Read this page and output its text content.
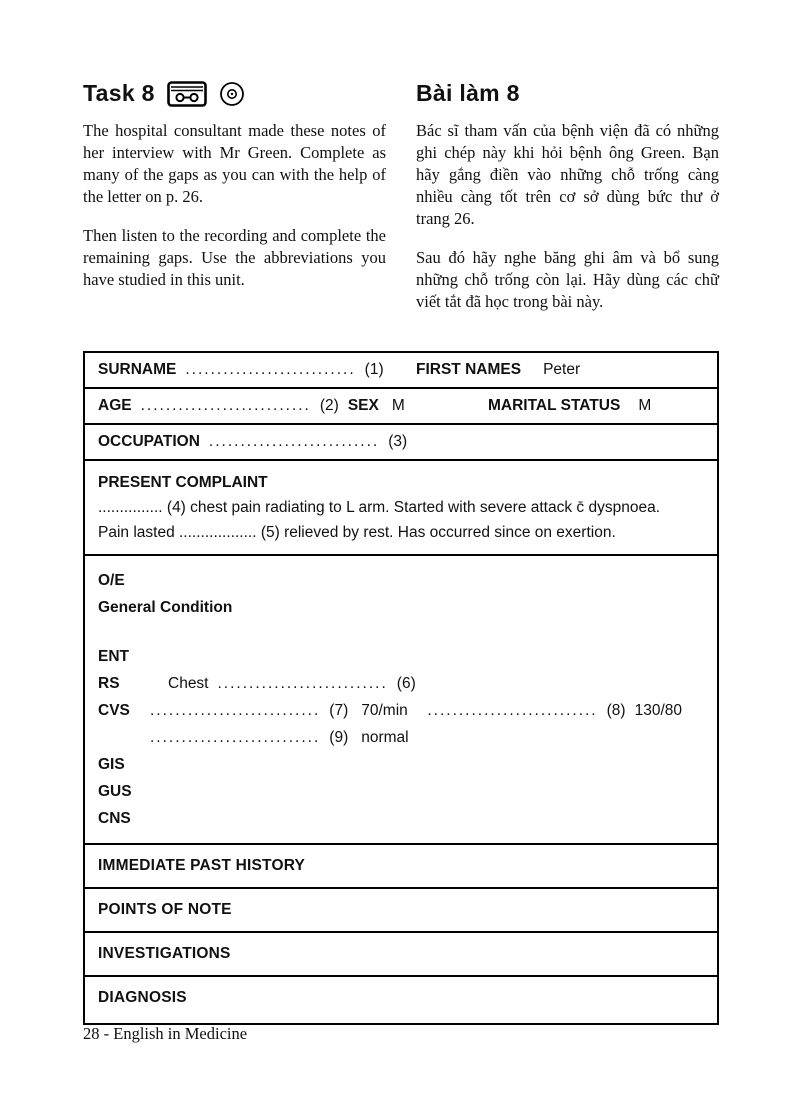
Task 8

The hospital consultant made these notes of her interview with Mr Green. Complete as many of the gaps as you can with the help of the letter on p. 26.

Then listen to the recording and complete the remaining gaps. Use the abbreviations you have studied in this unit.

Bài làm 8

Bác sĩ tham vấn của bệnh viện đã có những ghi chép này khi hỏi bệnh ông Green. Bạn hãy gắng điền vào những chỗ trống càng nhiều càng tốt trên cơ sở dùng bức thư ở trang 26.

Sau đó hãy nghe băng ghi âm và bổ sung những chỗ trống còn lại. Hãy dùng các chữ viết tắt đã học trong bài này.

SURNAME ........................... (1) FIRST NAMES Peter
AGE ........................... (2) SEX M	MARITAL STATUS M
OCCUPATION ........................... (3)
PRESENT COMPLAINT
............... (4) chest pain radiating to L arm. Started with severe attack c̄ dyspnoea.
Pain lasted .................. (5) relieved by rest. Has occurred since on exertion.
O/E
General Condition
ENT
RS	Chest ........................... (6)
CVS	........................... (7) 70/min ........................... (8) 130/80
........................... (9) normal
GIS
GUS
CNS
IMMEDIATE PAST HISTORY
POINTS OF NOTE
INVESTIGATIONS
DIAGNOSIS
28 - English in Medicine
